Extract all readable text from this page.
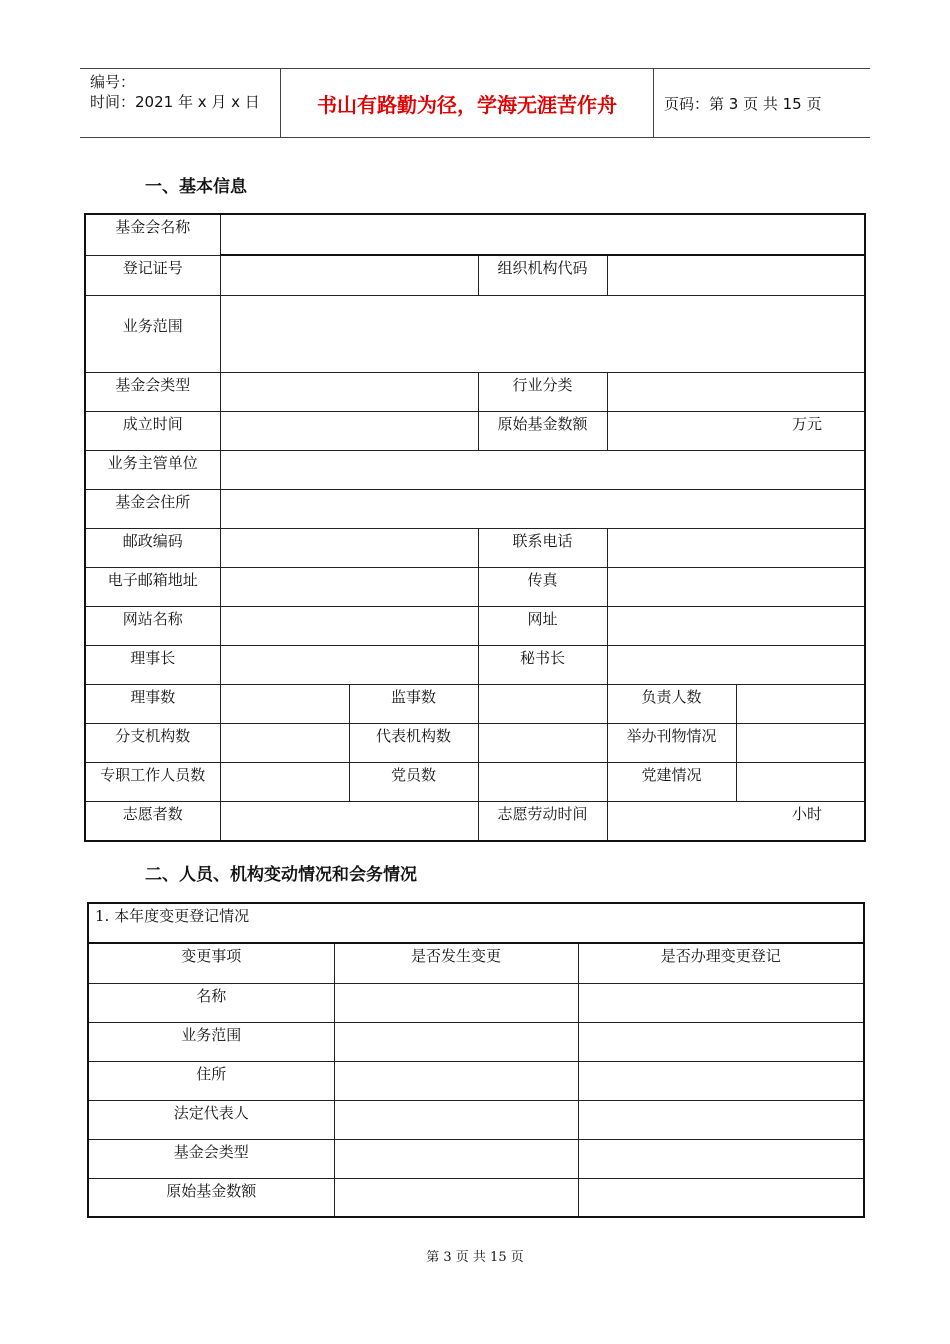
编号：
时间：2021 年 x 月 x 日	书山有路勤为径，学海无涯苦作舟	页码：第 3 页 共 15 页
一、基本信息
基金会名称					

登记证号			组织机构代码		

业务范围					

基金会类型			行业分类		

成立时间			原始基金数额	万元	

业务主管单位					

基金会住所					

邮政编码			联系电话		

电子邮箱地址			传真		

网站名称			网址		

理事长			秘书长		

理事数		监事数		负责人数	

分支机构数		代表机构数		举办刊物情况	

专职工作人员数		党员数		党建情况	

志愿者数			志愿劳动时间	小时	
二、人员、机构变动情况和会务情况
1. 本年度变更登记情况		

变更事项	是否发生变更	是否办理变更登记

名称		

业务范围		

住所		

法定代表人		

基金会类型		

原始基金数额		

第 3 页 共 15 页
